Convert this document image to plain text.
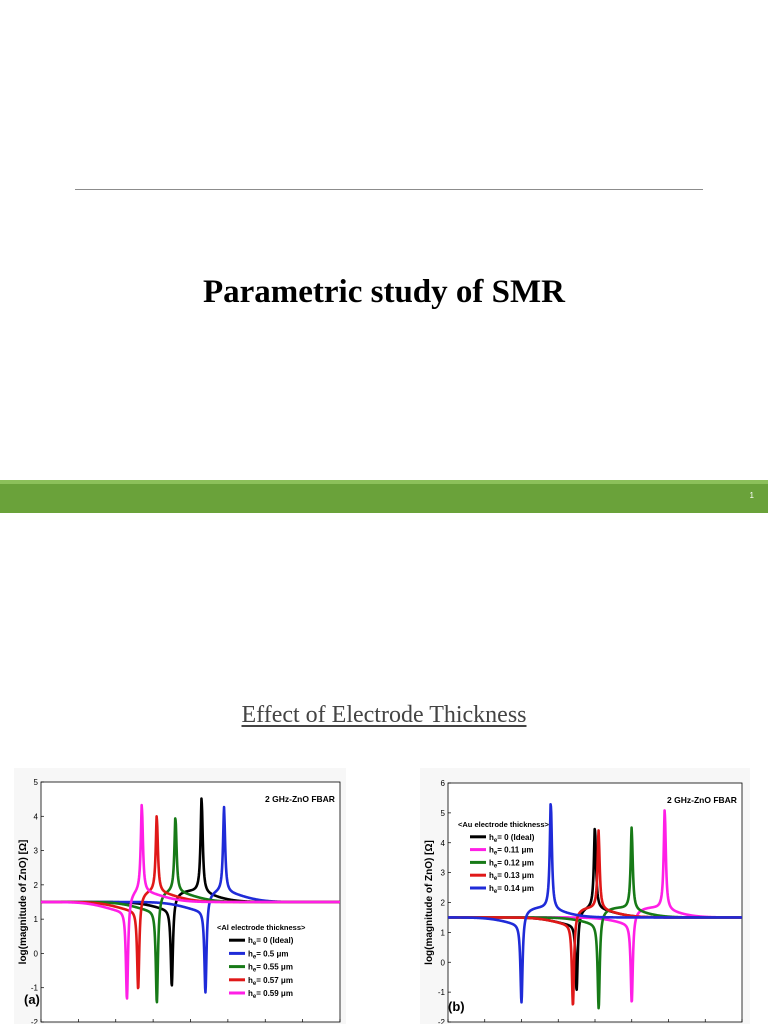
Parametric study of SMR
1
Effect of Electrode Thickness
-2
-1
0
1
2
3
4
5
log(magnitude of ZnO) [Ω]
2 GHz-ZnO FBAR
<Al electrode thickness>
$h_e= 0$ (Ideal)
$h_e= 0.5$ μm
$h_e= 0.55$ μm
$h_e= 0.57$ μm
$h_e= 0.59$ μm
(a)
-2
-1
0
1
2
3
4
5
6
log(magnitude of ZnO) [Ω]
2 GHz-ZnO FBAR
<Au electrode thickness>
$h_e= 0$ (Ideal)
$h_e= 0.11$ μm
$h_e= 0.12$ μm
$h_e= 0.13$ μm
$h_e= 0.14$ μm
(b)
